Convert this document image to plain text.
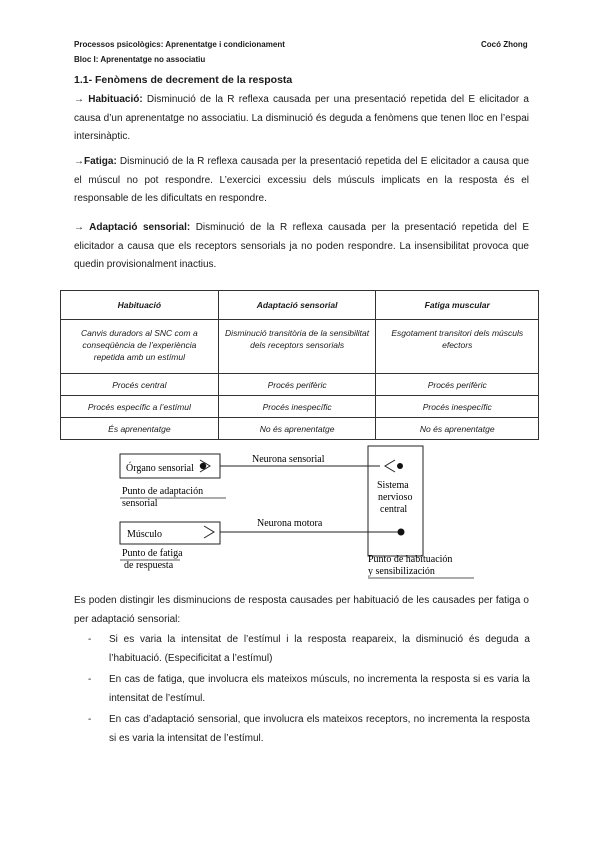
Processos psicològics: Aprenentatge i condicionament
Bloc I: Aprenentatge no associatiu
Cocó Zhong
1.1- Fenòmens de decrement de la resposta
→ Habituació: Disminució de la R reflexa causada per una presentació repetida del E elicitador a causa d’un aprenentatge no associatiu. La disminució és deguda a fenòmens que tenen lloc en l’espai intersinàptic.
→Fatiga: Disminució de la R reflexa causada per la presentació repetida del E elicitador a causa que el múscul no pot respondre. L’exercici excessiu dels músculs implicats en la resposta és el responsable de les dificultats en respondre.
→ Adaptació sensorial: Disminució de la R reflexa causada per la presentació repetida del E elicitador a causa que els receptors sensorials ja no poden respondre. La insensibilitat provoca que quedin provisionalment inactius.
Habituació	Adaptació sensorial	Fatiga muscular
Canvis duradors al SNC com a conseqüència de l’experiència repetida amb un estímul	Disminució transitòria de la sensibilitat dels receptors sensorials	Esgotament transitori dels músculs efectors
Procés central	Procés perifèric	Procés perifèric
Procés específic a l’estímul	Procés inespecífic	Procés inespecífic
És aprenentatge	No és aprenentatge	No és aprenentatge
Órgano sensorial
Neurona sensorial
Punto de adaptación
sensorial
Sistema
nervioso
central
Músculo
Neurona motora
Punto de fatiga
de respuesta
Punto de habituación
y sensibilización
Es poden distingir les disminucions de resposta causades per habituació de les causades per fatiga o per adaptació sensorial:
- Si es varia la intensitat de l’estímul i la resposta reapareix, la disminució és deguda a l’habituació. (Especificitat a l’estímul)
- En cas de fatiga, que involucra els mateixos músculs, no incrementa la resposta si es varia la intensitat de l’estímul.
- En cas d’adaptació sensorial, que involucra els mateixos receptors, no incrementa la resposta si es varia la intensitat de l’estímul.
